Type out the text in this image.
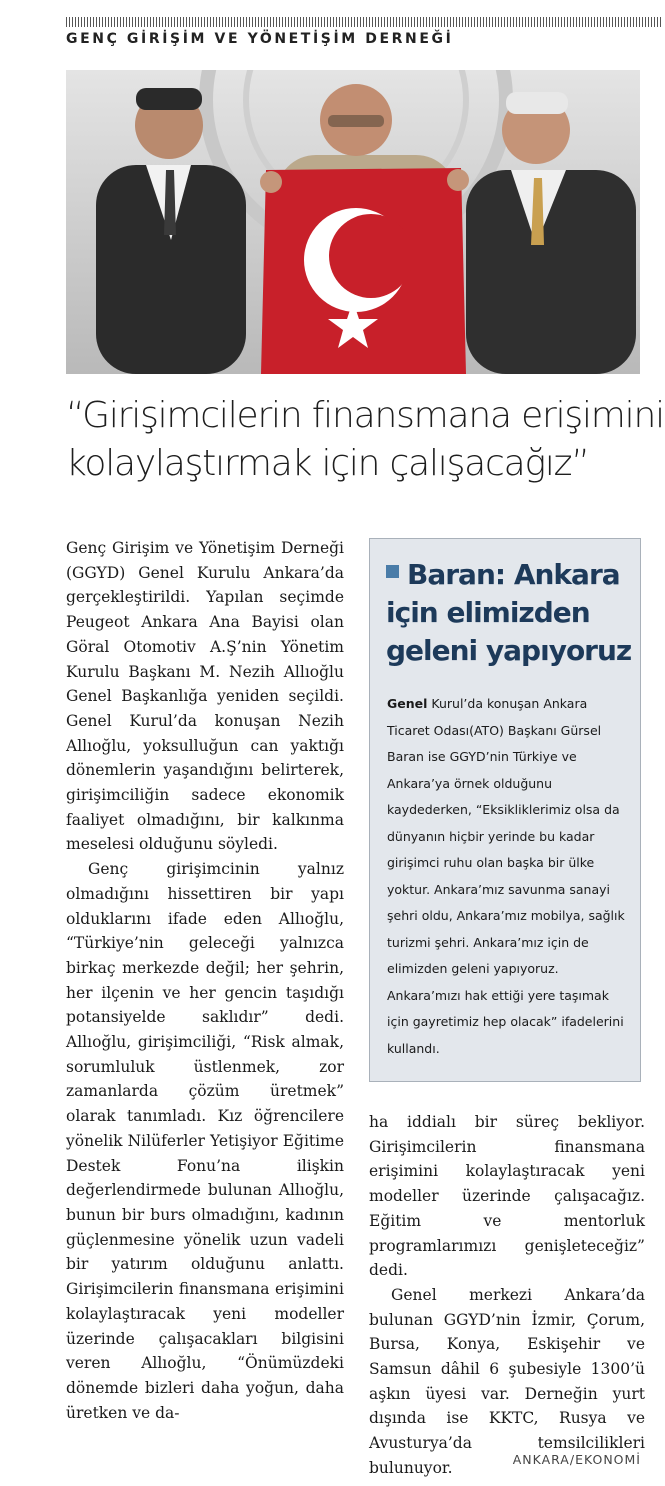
GENÇ GİRİŞİM VE YÖNETİŞİM DERNEĞİ
“Girişimcilerin finansmana erişimini
kolaylaştırmak için çalışacağız”

Genç Girişim ve Yönetişim Derneği (GGYD) Genel Kurulu Ankara’da gerçekleştirildi. Yapılan seçimde Peugeot Ankara Ana Bayisi olan Göral Otomotiv A.Ş’nin Yönetim Kurulu Başkanı M. Nezih Allıoğlu Genel Başkanlığa yeniden seçildi. Genel Kurul’da konuşan Nezih Allıoğlu, yoksulluğun can yaktığı dönemlerin yaşandığını belirterek, girişimciliğin sadece ekonomik faaliyet olmadığını, bir kalkınma meselesi olduğunu söyledi.

Genç girişimcinin yalnız olmadığını hissettiren bir yapı olduklarını ifade eden Allıoğlu, “Türkiye’nin geleceği yalnızca birkaç merkezde değil; her şehrin, her ilçenin ve her gencin taşıdığı potansiyelde saklıdır” dedi. Allıoğlu, girişimciliği, “Risk almak, sorumluluk üstlenmek, zor zamanlarda çözüm üretmek” olarak tanımladı. Kız öğrencilere yönelik Nilüferler Yetişiyor Eğitime Destek Fonu’na ilişkin değerlendirmede bulunan Allıoğlu, bunun bir burs olmadığını, kadının güçlenmesine yönelik uzun vadeli bir yatırım olduğunu anlattı. Girişimcilerin finansmana erişimini kolaylaştıracak yeni modeller üzerinde çalışacakları bilgisini veren Allıoğlu, “Önümüzdeki dönemde bizleri daha yoğun, daha üretken ve da-

Baran: Ankara
için elimizden
geleni yapıyoruz
Genel Kurul’da konuşan Ankara Ticaret Odası(ATO) Başkanı Gürsel Baran ise GGYD’nin Türkiye ve Ankara’ya örnek olduğunu kaydederken, “Eksikliklerimiz olsa da dünyanın hiçbir yerinde bu kadar girişimci ruhu olan başka bir ülke yoktur. Ankara’mız savunma sanayi şehri oldu, Ankara’mız mobilya, sağlık turizmi şehri. Ankara’mız için de elimizden geleni yapıyoruz. Ankara’mızı hak ettiği yere taşımak için gayretimiz hep olacak” ifadelerini kullandı.

ha iddialı bir süreç bekliyor. Girişimcilerin finansmana erişimini kolaylaştıracak yeni modeller üzerinde çalışacağız. Eğitim ve mentorluk programlarımızı genişleteceğiz” dedi.

Genel merkezi Ankara’da bulunan GGYD’nin İzmir, Çorum, Bursa, Konya, Eskişehir ve Samsun dâhil 6 şubesiyle 1300’ü aşkın üyesi var. Derneğin yurt dışında ise KKTC, Rusya ve Avusturya’da temsilcilikleri bulunuyor.	ANKARA/EKONOMİ
